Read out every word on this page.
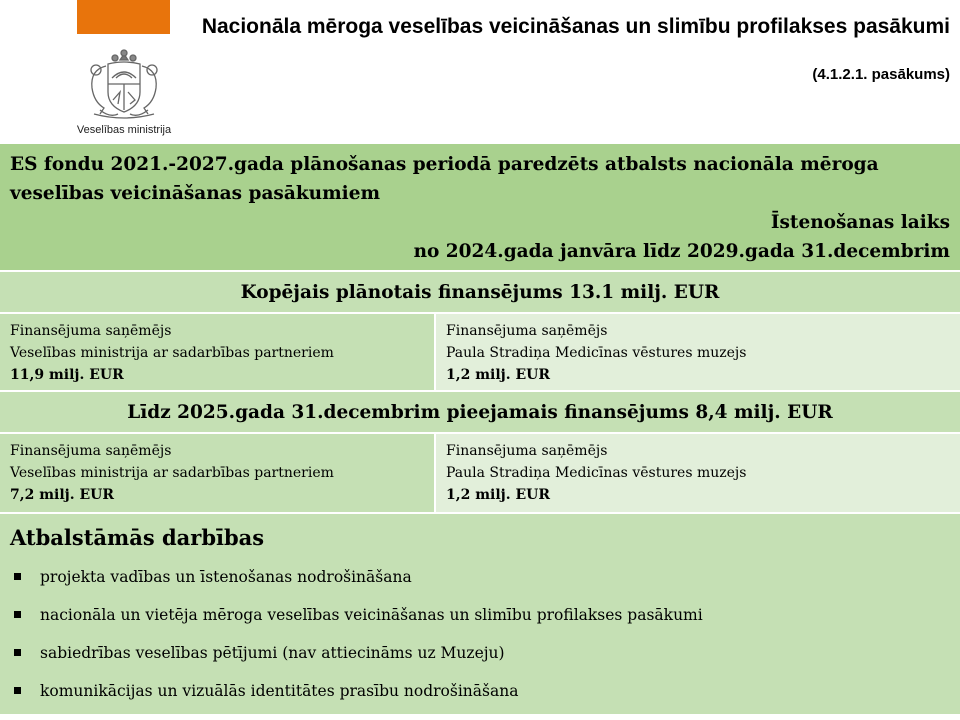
Veselības ministrija
Nacionāla mēroga veselības veicināšanas un slimību profilakses pasākumi
(4.1.2.1. pasākums)
ES fondu 2021.-2027.gada plānošanas periodā paredzēts atbalsts nacionāla mēroga veselības veicināšanas pasākumiem
Īstenošanas laiks
no 2024.gada janvāra līdz 2029.gada 31.decembrim
Kopējais plānotais finansējums 13.1 milj. EUR
Finansējuma saņēmējs
Veselības ministrija ar sadarbības partneriem
11,9 milj. EUR
Finansējuma saņēmējs
Paula Stradiņa Medicīnas vēstures muzejs
1,2 milj. EUR
Līdz 2025.gada 31.decembrim pieejamais finansējums 8,4 milj. EUR
Finansējuma saņēmējs
Veselības ministrija ar sadarbības partneriem
7,2 milj. EUR
Finansējuma saņēmējs
Paula Stradiņa Medicīnas vēstures muzejs
1,2 milj. EUR
Atbalstāmās darbības
projekta vadības un īstenošanas nodrošināšana
nacionāla un vietēja mēroga veselības veicināšanas un slimību profilakses pasākumi
sabiedrības veselības pētījumi (nav attiecināms uz Muzeju)
komunikācijas un vizuālās identitātes prasību nodrošināšana
